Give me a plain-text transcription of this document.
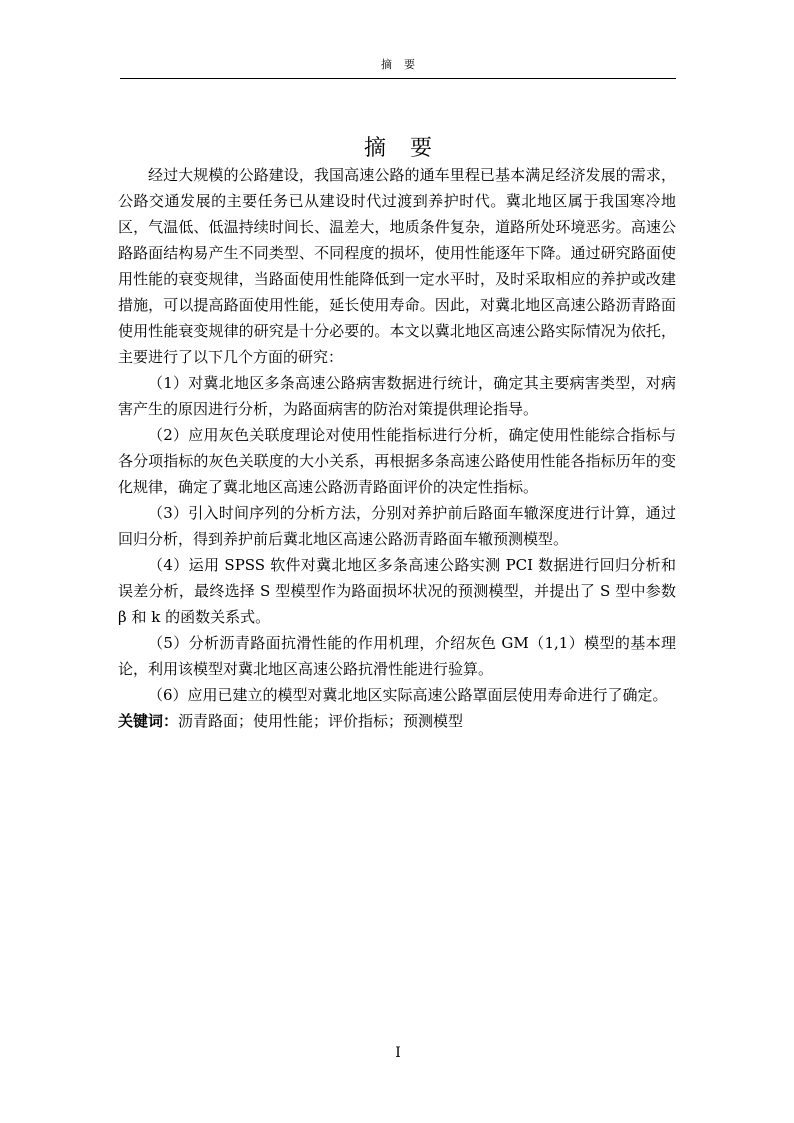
摘要
摘要

经过大规模的公路建设，我国高速公路的通车里程已基本满足经济发展的需求，公路交通发展的主要任务已从建设时代过渡到养护时代。冀北地区属于我国寒冷地区，气温低、低温持续时间长、温差大，地质条件复杂，道路所处环境恶劣。高速公路路面结构易产生不同类型、不同程度的损坏，使用性能逐年下降。通过研究路面使用性能的衰变规律，当路面使用性能降低到一定水平时，及时采取相应的养护或改建措施，可以提高路面使用性能，延长使用寿命。因此，对冀北地区高速公路沥青路面使用性能衰变规律的研究是十分必要的。本文以冀北地区高速公路实际情况为依托，主要进行了以下几个方面的研究：

（1）对冀北地区多条高速公路病害数据进行统计，确定其主要病害类型，对病害产生的原因进行分析，为路面病害的防治对策提供理论指导。

（2）应用灰色关联度理论对使用性能指标进行分析，确定使用性能综合指标与各分项指标的灰色关联度的大小关系，再根据多条高速公路使用性能各指标历年的变化规律，确定了冀北地区高速公路沥青路面评价的决定性指标。

（3）引入时间序列的分析方法，分别对养护前后路面车辙深度进行计算，通过回归分析，得到养护前后冀北地区高速公路沥青路面车辙预测模型。

（4）运用 SPSS 软件对冀北地区多条高速公路实测 PCI 数据进行回归分析和误差分析，最终选择 S 型模型作为路面损坏状况的预测模型，并提出了 S 型中参数 β 和 k 的函数关系式。

（5）分析沥青路面抗滑性能的作用机理，介绍灰色 GM（1,1）模型的基本理论，利用该模型对冀北地区高速公路抗滑性能进行验算。

（6）应用已建立的模型对冀北地区实际高速公路罩面层使用寿命进行了确定。

关键词：沥青路面；使用性能；评价指标；预测模型

I
